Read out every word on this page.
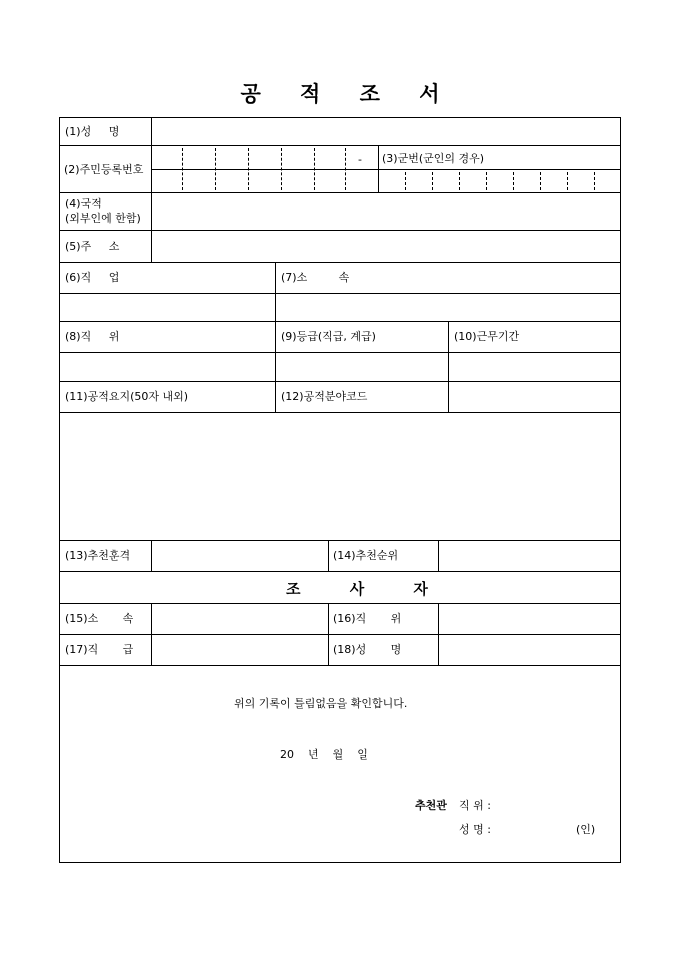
공 적 조 서
(1)성     명
(2)주민등록번호
- (3)군번(군인의 경우)
(4)국적
(외부인에 한함)
(5)주     소
(6)직     업	(7)소         속
(8)직     위	(9)등급(직급, 계급)	(10)근무기간
(11)공적요지(50자 내외)	(12)공적분야코드
(13)추천훈격	(14)추천순위
조 사 자
(15)소       속	(16)직       위
(17)직       급	(18)성       명
위의 기록이 틀림없음을 확인합니다.
20    년    월    일
추천관 직 위 :
성 명 :	(인)
